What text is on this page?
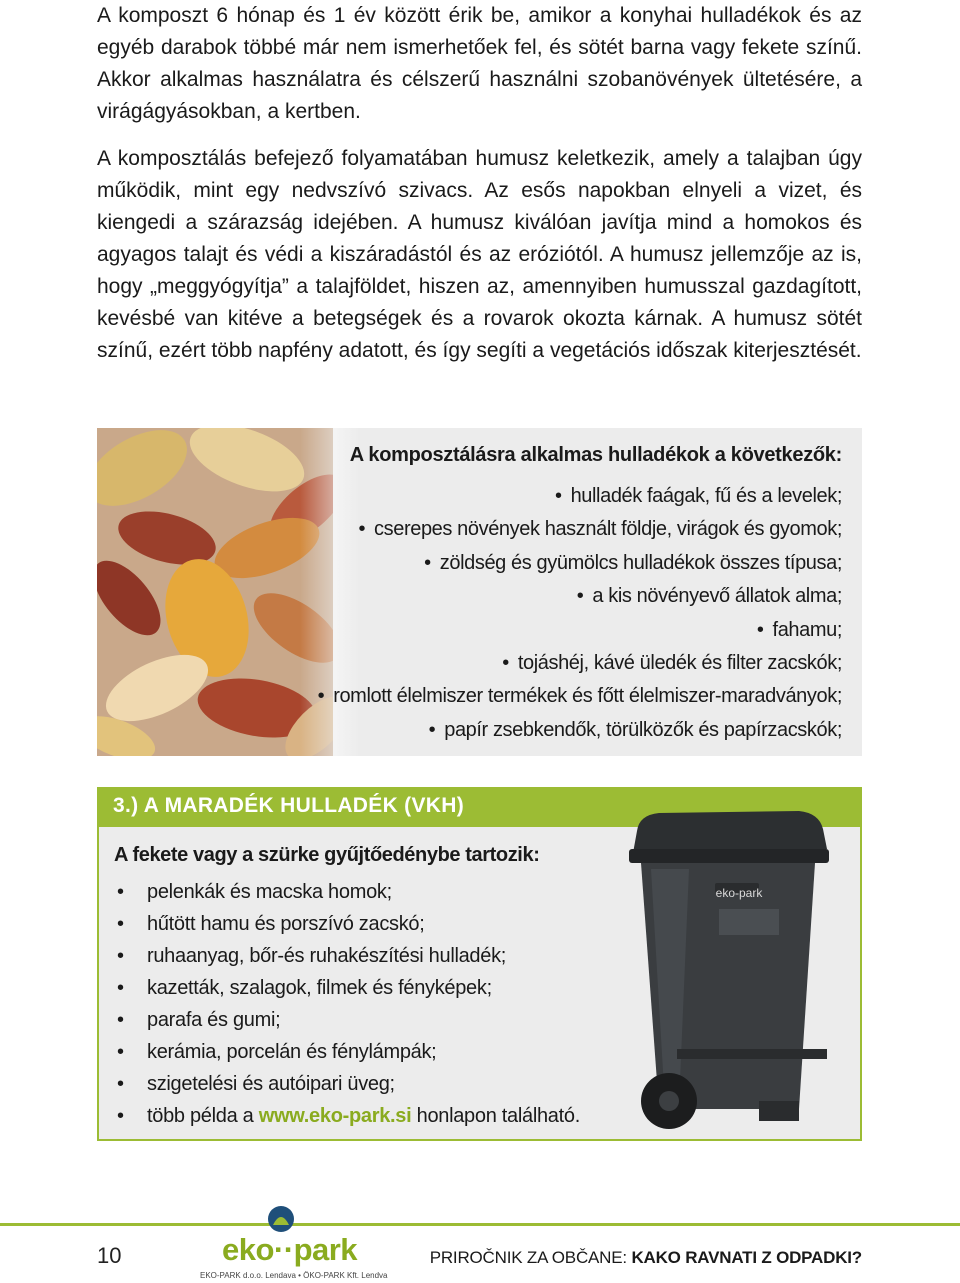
A komposzt 6 hónap és 1 év között érik be, amikor a konyhai hulladékok és az egyéb darabok többé már nem ismerhetőek fel, és sötét barna vagy fekete színű. Akkor alkalmas használatra és célszerű használni szobanövények ültetésére, a virágágyásokban, a kertben.

A komposztálás befejező folyamatában humusz keletkezik, amely a talajban úgy működik, mint egy nedvszívó szivacs. Az esős napokban elnyeli a vizet, és kiengedi a szárazság idejében. A humusz kiválóan javítja mind a homokos és agyagos talajt és védi a kiszáradástól és az eróziótól. A humusz jellemzője az is, hogy „meggyógyítja” a talajföldet, hiszen az, amennyiben humusszal gazdagított, kevésbé van kitéve a betegségek és a rovarok okozta kárnak. A humusz sötét színű, ezért több napfény adatott, és így segíti a vegetációs időszak kiterjesztését.

A komposztálásra alkalmas hulladékok a következők:
• hulladék faágak, fű és a levelek;
• cserepes növények használt földje, virágok és gyomok;
• zöldség és gyümölcs hulladékok összes típusa;
• a kis növényevő állatok alma;
• fahamu;
• tojáshéj, kávé üledék és filter zacskók;
• romlott élelmiszer termékek és főtt élelmiszer-maradványok;
• papír zsebkendők, törülközők és papírzacskók;
3.) A MARADÉK HULLADÉK (VKH)
A fekete vagy a szürke gyűjtőedénybe tartozik:
• pelenkák és macska homok;
• hűtött hamu és porszívó zacskó;
• ruhaanyag, bőr-és ruhakészítési hulladék;
• kazetták, szalagok, filmek és fényképek;
• parafa és gumi;
• kerámia, porcelán és fénylámpák;
• szigetelési és autóipari üveg;
• több példa a www.eko-park.si honlapon található.
eko-park

10	eko··park

EKO-PARK d.o.o. Lendava • ÖKO-PARK Kft. Lendva

PRIROČNIK ZA OBČANE: KAKO RAVNATI Z ODPADKI?
